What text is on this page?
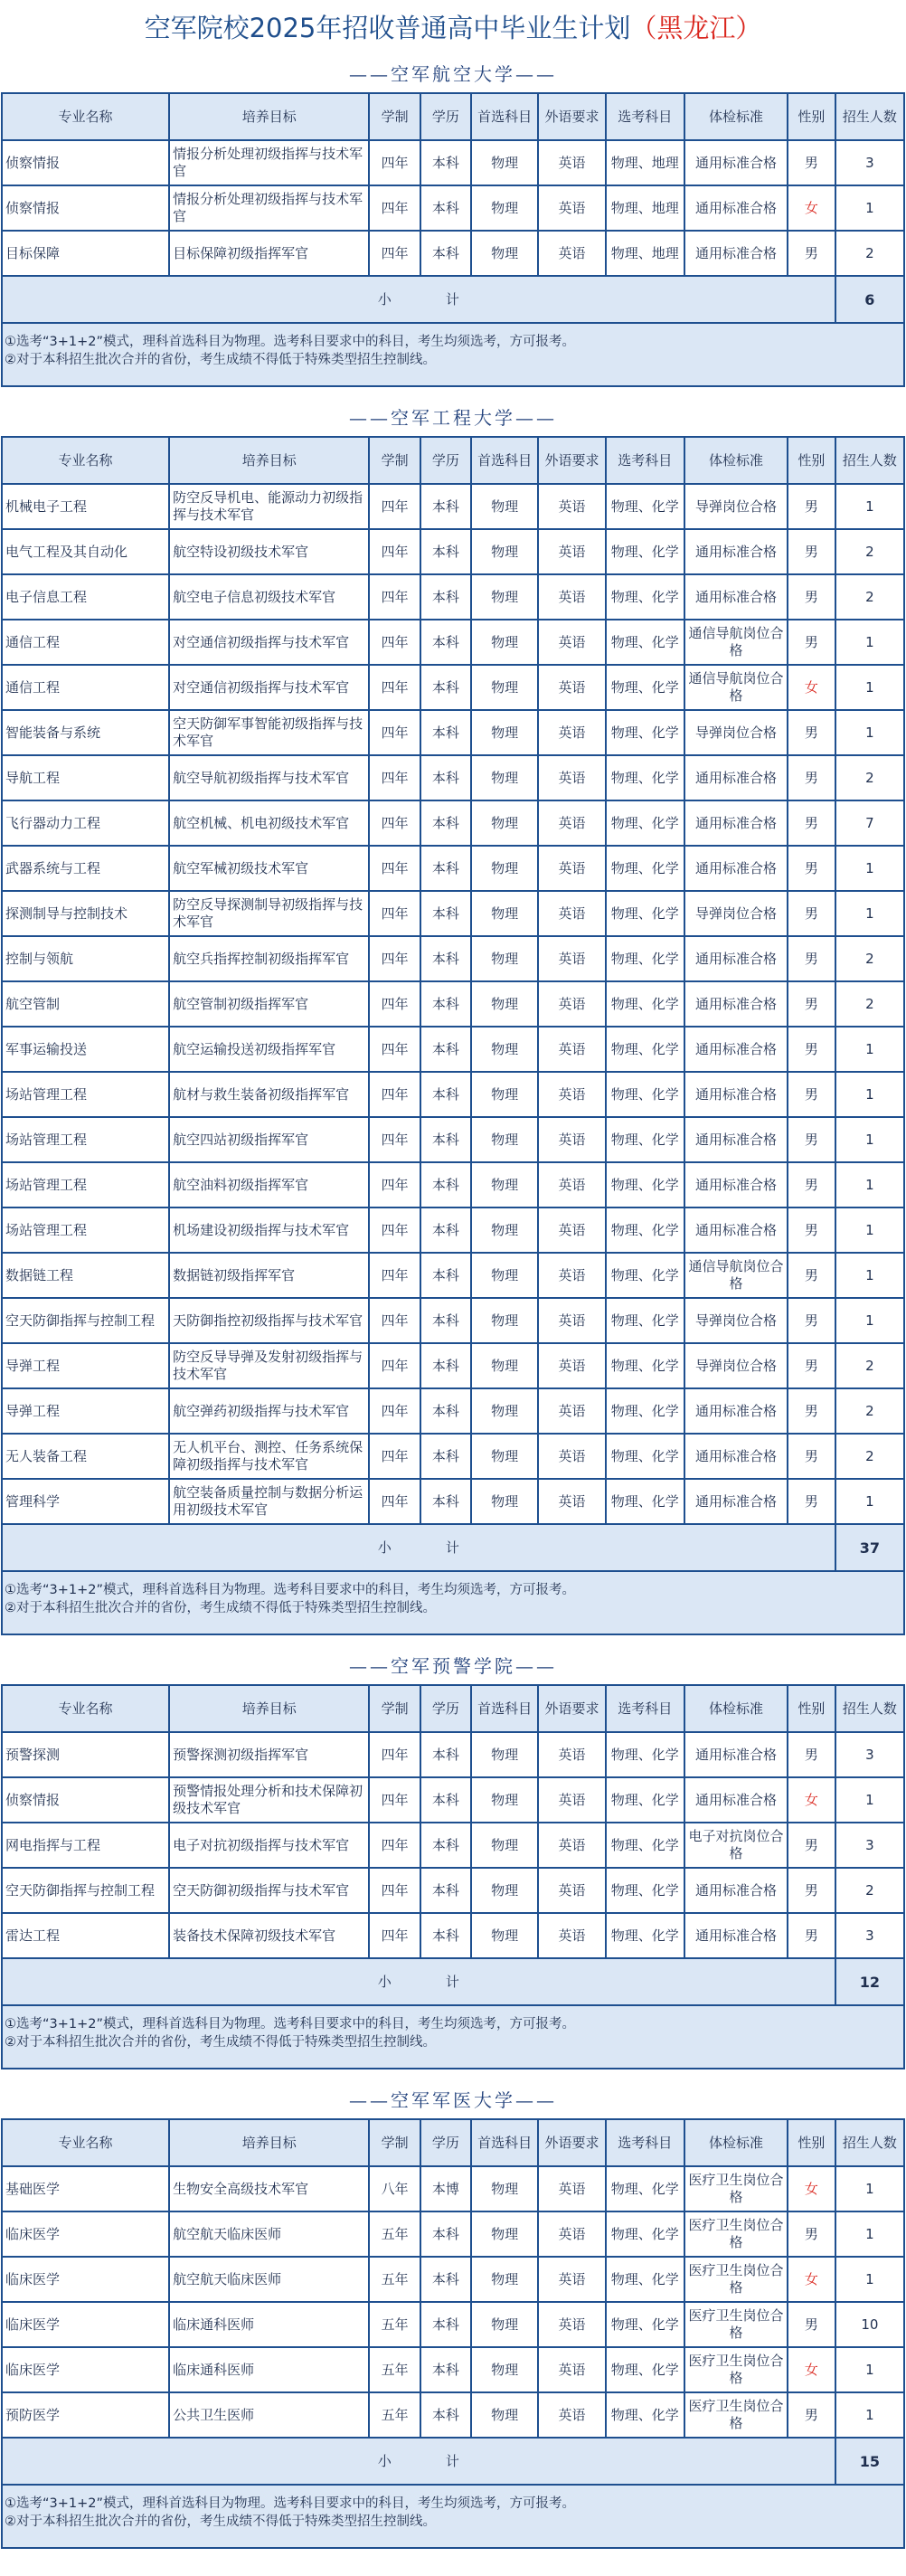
空军院校2025年招收普通高中毕业生计划（黑龙江）
——空军航空大学——
专业名称	培养目标	学制	学历	首选科目	外语要求	选考科目	体检标准	性别	招生人数
侦察情报	情报分析处理初级指挥与技术军官	四年	本科	物理	英语	物理、地理	通用标准合格	男	3
侦察情报	情报分析处理初级指挥与技术军官	四年	本科	物理	英语	物理、地理	通用标准合格	女	1
目标保障	目标保障初级指挥军官	四年	本科	物理	英语	物理、地理	通用标准合格	男	2
小计									6
①选考“3+1+2”模式，理科首选科目为物理。选考科目要求中的科目，考生均须选考，方可报考。
②对于本科招生批次合并的省份，考生成绩不得低于特殊类型招生控制线。
——空军工程大学——
专业名称	培养目标	学制	学历	首选科目	外语要求	选考科目	体检标准	性别	招生人数
机械电子工程	防空反导机电、能源动力初级指挥与技术军官	四年	本科	物理	英语	物理、化学	导弹岗位合格	男	1
电气工程及其自动化	航空特设初级技术军官	四年	本科	物理	英语	物理、化学	通用标准合格	男	2
电子信息工程	航空电子信息初级技术军官	四年	本科	物理	英语	物理、化学	通用标准合格	男	2
通信工程	对空通信初级指挥与技术军官	四年	本科	物理	英语	物理、化学	通信导航岗位合格	男	1
通信工程	对空通信初级指挥与技术军官	四年	本科	物理	英语	物理、化学	通信导航岗位合格	女	1
智能装备与系统	空天防御军事智能初级指挥与技术军官	四年	本科	物理	英语	物理、化学	导弹岗位合格	男	1
导航工程	航空导航初级指挥与技术军官	四年	本科	物理	英语	物理、化学	通用标准合格	男	2
飞行器动力工程	航空机械、机电初级技术军官	四年	本科	物理	英语	物理、化学	通用标准合格	男	7
武器系统与工程	航空军械初级技术军官	四年	本科	物理	英语	物理、化学	通用标准合格	男	1
探测制导与控制技术	防空反导探测制导初级指挥与技术军官	四年	本科	物理	英语	物理、化学	导弹岗位合格	男	1
控制与领航	航空兵指挥控制初级指挥军官	四年	本科	物理	英语	物理、化学	通用标准合格	男	2
航空管制	航空管制初级指挥军官	四年	本科	物理	英语	物理、化学	通用标准合格	男	2
军事运输投送	航空运输投送初级指挥军官	四年	本科	物理	英语	物理、化学	通用标准合格	男	1
场站管理工程	航材与救生装备初级指挥军官	四年	本科	物理	英语	物理、化学	通用标准合格	男	1
场站管理工程	航空四站初级指挥军官	四年	本科	物理	英语	物理、化学	通用标准合格	男	1
场站管理工程	航空油料初级指挥军官	四年	本科	物理	英语	物理、化学	通用标准合格	男	1
场站管理工程	机场建设初级指挥与技术军官	四年	本科	物理	英语	物理、化学	通用标准合格	男	1
数据链工程	数据链初级指挥军官	四年	本科	物理	英语	物理、化学	通信导航岗位合格	男	1
空天防御指挥与控制工程	天防御指控初级指挥与技术军官	四年	本科	物理	英语	物理、化学	导弹岗位合格	男	1
导弹工程	防空反导导弹及发射初级指挥与技术军官	四年	本科	物理	英语	物理、化学	导弹岗位合格	男	2
导弹工程	航空弹药初级指挥与技术军官	四年	本科	物理	英语	物理、化学	通用标准合格	男	2
无人装备工程	无人机平台、测控、任务系统保障初级指挥与技术军官	四年	本科	物理	英语	物理、化学	通用标准合格	男	2
管理科学	航空装备质量控制与数据分析运用初级技术军官	四年	本科	物理	英语	物理、化学	通用标准合格	男	1
小计									37
①选考“3+1+2”模式，理科首选科目为物理。选考科目要求中的科目，考生均须选考，方可报考。
②对于本科招生批次合并的省份，考生成绩不得低于特殊类型招生控制线。
——空军预警学院——
专业名称	培养目标	学制	学历	首选科目	外语要求	选考科目	体检标准	性别	招生人数
预警探测	预警探测初级指挥军官	四年	本科	物理	英语	物理、化学	通用标准合格	男	3
侦察情报	预警情报处理分析和技术保障初级技术军官	四年	本科	物理	英语	物理、化学	通用标准合格	女	1
网电指挥与工程	电子对抗初级指挥与技术军官	四年	本科	物理	英语	物理、化学	电子对抗岗位合格	男	3
空天防御指挥与控制工程	空天防御初级指挥与技术军官	四年	本科	物理	英语	物理、化学	通用标准合格	男	2
雷达工程	装备技术保障初级技术军官	四年	本科	物理	英语	物理、化学	通用标准合格	男	3
小计									12
①选考“3+1+2”模式，理科首选科目为物理。选考科目要求中的科目，考生均须选考，方可报考。
②对于本科招生批次合并的省份，考生成绩不得低于特殊类型招生控制线。
——空军军医大学——
专业名称	培养目标	学制	学历	首选科目	外语要求	选考科目	体检标准	性别	招生人数
基础医学	生物安全高级技术军官	八年	本博	物理	英语	物理、化学	医疗卫生岗位合格	女	1
临床医学	航空航天临床医师	五年	本科	物理	英语	物理、化学	医疗卫生岗位合格	男	1
临床医学	航空航天临床医师	五年	本科	物理	英语	物理、化学	医疗卫生岗位合格	女	1
临床医学	临床通科医师	五年	本科	物理	英语	物理、化学	医疗卫生岗位合格	男	10
临床医学	临床通科医师	五年	本科	物理	英语	物理、化学	医疗卫生岗位合格	女	1
预防医学	公共卫生医师	五年	本科	物理	英语	物理、化学	医疗卫生岗位合格	男	1
小计									15
①选考“3+1+2”模式，理科首选科目为物理。选考科目要求中的科目，考生均须选考，方可报考。
②对于本科招生批次合并的省份，考生成绩不得低于特殊类型招生控制线。
